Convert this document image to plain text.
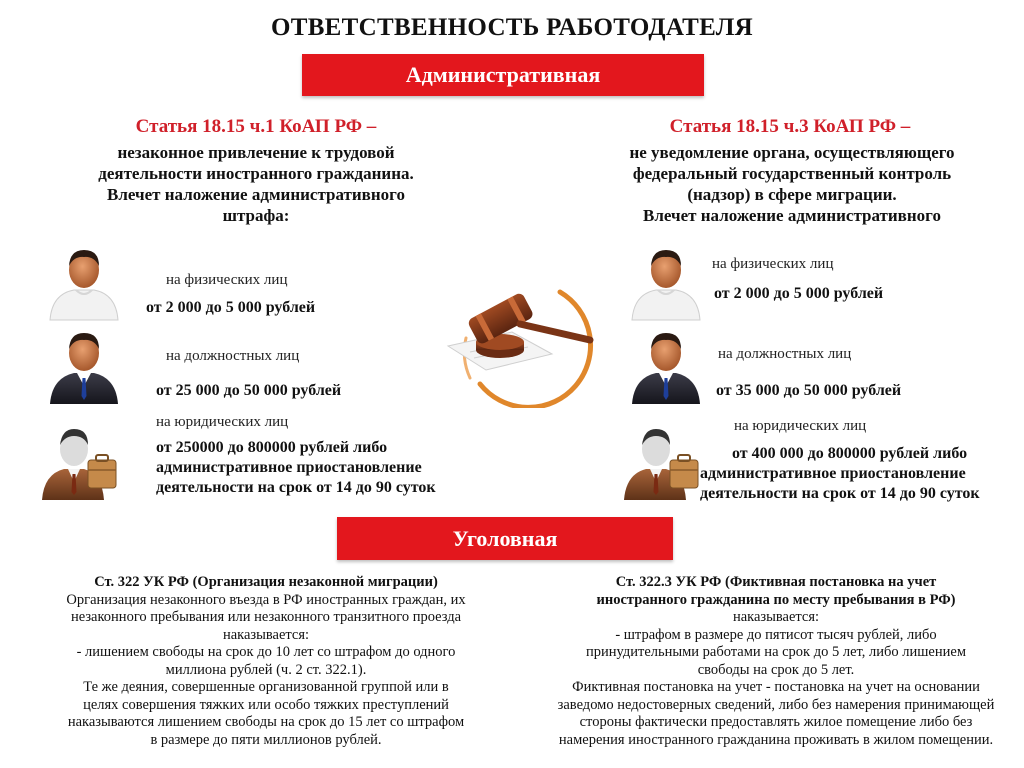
ОТВЕТСТВЕННОСТЬ РАБОТОДАТЕЛЯ
Административная
Статья 18.15 ч.1 КоАП РФ –
незаконное привлечение к трудовой
деятельности иностранного гражданина.
Влечет наложение административного
штрафа:
Статья 18.15 ч.3 КоАП РФ –
не уведомление органа, осуществляющего
федеральный государственный контроль
(надзор) в сфере миграции.
Влечет наложение административного
на физических лиц
от 2 000 до 5 000 рублей
на должностных лиц
от 25 000 до 50 000 рублей
на юридических лиц
от 250000 до 800000 рублей либо
административное приостановление
деятельности на срок от 14 до 90 суток
на физических лиц
от 2 000 до 5 000 рублей
на должностных лиц
от 35 000 до 50 000 рублей
на юридических лиц
от 400 000 до 800000 рублей либо
административное приостановление
деятельности на срок от 14 до 90 суток
Уголовная
Ст. 322 УК РФ (Организация незаконной миграции)
Организация незаконного въезда в РФ иностранных граждан, их
незаконного пребывания или незаконного транзитного проезда
наказывается:
- лишением свободы на срок до 10 лет со штрафом до одного
миллиона рублей (ч. 2 ст. 322.1).
Те же деяния, совершенные организованной группой или в
целях совершения тяжких или особо тяжких преступлений
наказываются лишением свободы на срок до 15 лет со штрафом
в размере до пяти миллионов рублей.
Ст. 322.3 УК РФ (Фиктивная постановка на учет
иностранного гражданина по месту пребывания в РФ)
наказывается:
- штрафом в размере до пятисот тысяч рублей, либо
принудительными работами на срок до 5 лет, либо лишением
свободы на срок до 5 лет.
Фиктивная постановка на учет - постановка на учет на основании
заведомо недостоверных сведений, либо без намерения принимающей
стороны фактически предоставлять жилое помещение либо без
намерения иностранного гражданина проживать в жилом помещении.
